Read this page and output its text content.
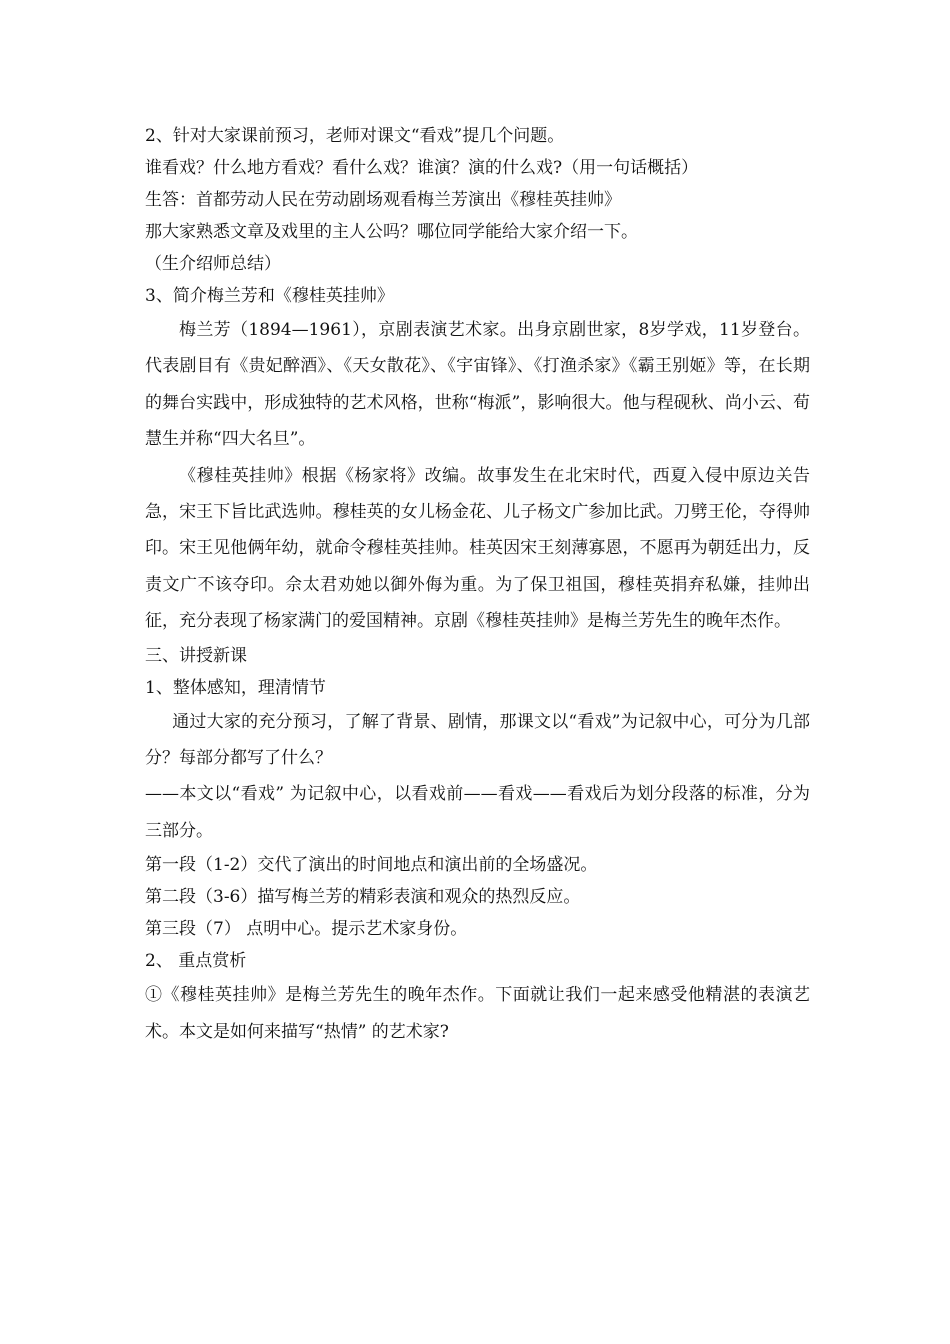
2、针对大家课前预习，老师对课文“看戏”提几个问题。
谁看戏？什么地方看戏？看什么戏？谁演？演的什么戏?（用一句话概括）
生答：首都劳动人民在劳动剧场观看梅兰芳演出《穆桂英挂帅》
那大家熟悉文章及戏里的主人公吗？哪位同学能给大家介绍一下。
（生介绍师总结）
3、简介梅兰芳和《穆桂英挂帅》
梅兰芳（1894—1961），京剧表演艺术家。出身京剧世家，8岁学戏，11岁登台。代表剧目有《贵妃醉酒》、《天女散花》、《宇宙锋》、《打渔杀家》《霸王别姬》等，在长期的舞台实践中，形成独特的艺术风格，世称“梅派”，影响很大。他与程砚秋、尚小云、荀慧生并称“四大名旦”。
《穆桂英挂帅》根据《杨家将》改编。故事发生在北宋时代，西夏入侵中原边关告急，宋王下旨比武选帅。穆桂英的女儿杨金花、儿子杨文广参加比武。刀劈王伦，夺得帅印。宋王见他俩年幼，就命令穆桂英挂帅。桂英因宋王刻薄寡恩，不愿再为朝廷出力，反责文广不该夺印。佘太君劝她以御外侮为重。为了保卫祖国，穆桂英捐弃私嫌，挂帅出征，充分表现了杨家满门的爱国精神。京剧《穆桂英挂帅》是梅兰芳先生的晚年杰作。
三、讲授新课
1、整体感知，理清情节
通过大家的充分预习，了解了背景、剧情，那课文以“看戏”为记叙中心，可分为几部分？每部分都写了什么？
——本文以“看戏” 为记叙中心，以看戏前——看戏——看戏后为划分段落的标准，分为三部分。
第一段（1-2）交代了演出的时间地点和演出前的全场盛况。
第二段（3-6）描写梅兰芳的精彩表演和观众的热烈反应。
第三段（7） 点明中心。提示艺术家身份。
2、 重点赏析
①《穆桂英挂帅》是梅兰芳先生的晚年杰作。下面就让我们一起来感受他精湛的表演艺术。本文是如何来描写“热情” 的艺术家?
